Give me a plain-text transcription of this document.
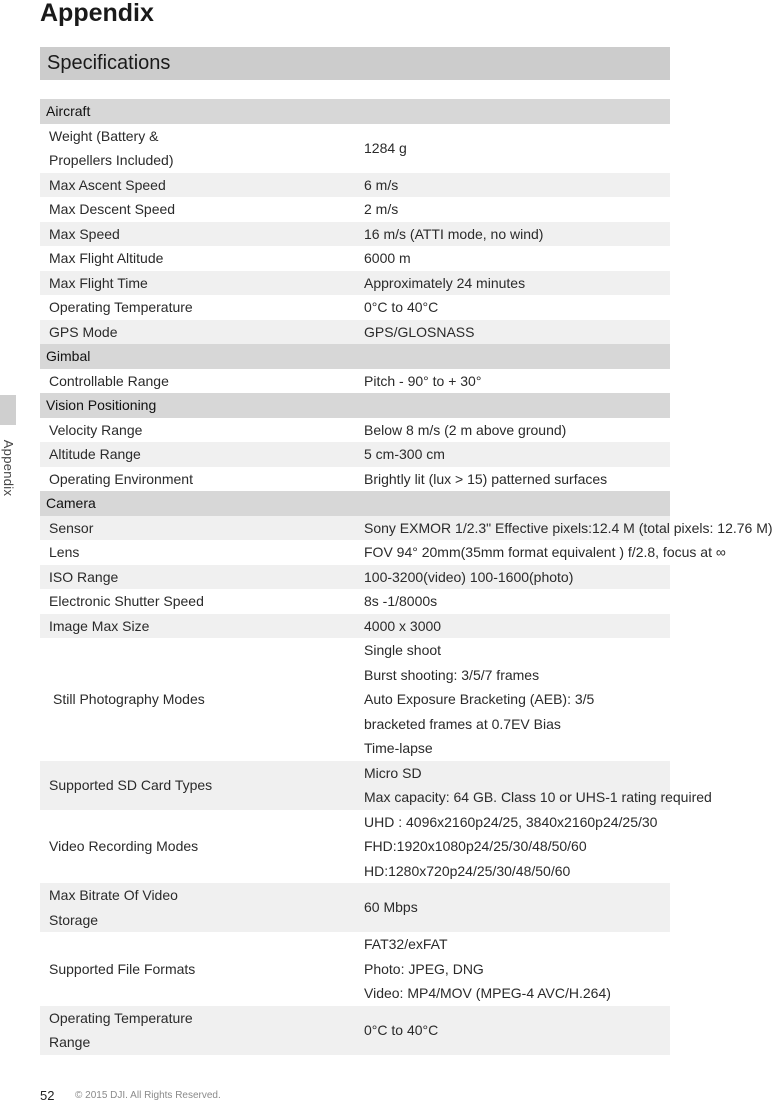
Appendix
Appendix
Specifications
Aircraft	

Weight (Battery &
Propellers Included)	1284 g

Max Ascent Speed	6 m/s

Max Descent Speed	2 m/s

Max Speed	16 m/s (ATTI mode, no wind)

Max Flight Altitude	6000 m

Max Flight Time	Approximately 24 minutes

Operating Temperature	0°C to 40°C

GPS Mode	GPS/GLOSNASS

Gimbal	

Controllable Range	Pitch - 90° to + 30°

Vision Positioning	

Velocity Range	Below 8 m/s (2 m above ground)

Altitude Range	5 cm-300 cm

Operating Environment	Brightly lit (lux > 15) patterned surfaces

Camera	

Sensor	Sony EXMOR 1/2.3" Effective pixels:12.4 M (total pixels: 12.76 M)

Lens	FOV 94° 20mm(35mm format equivalent ) f/2.8, focus at ∞

ISO Range	100-3200(video) 100-1600(photo)

Electronic Shutter Speed	8s -1/8000s

Image Max Size	4000 x 3000

Still Photography Modes	Single shoot
Burst shooting: 3/5/7 frames
Auto Exposure Bracketing (AEB): 3/5
bracketed frames at 0.7EV Bias
Time-lapse

Supported SD Card Types	Micro SD
Max capacity: 64 GB. Class 10 or UHS-1 rating required

Video Recording Modes	UHD : 4096x2160p24/25, 3840x2160p24/25/30
FHD:1920x1080p24/25/30/48/50/60
HD:1280x720p24/25/30/48/50/60

Max Bitrate Of Video
Storage	60 Mbps

Supported File Formats	FAT32/exFAT
Photo: JPEG, DNG
Video: MP4/MOV (MPEG-4 AVC/H.264)

Operating Temperature
Range	0°C to 40°C
52 © 2015 DJI. All Rights Reserved.
